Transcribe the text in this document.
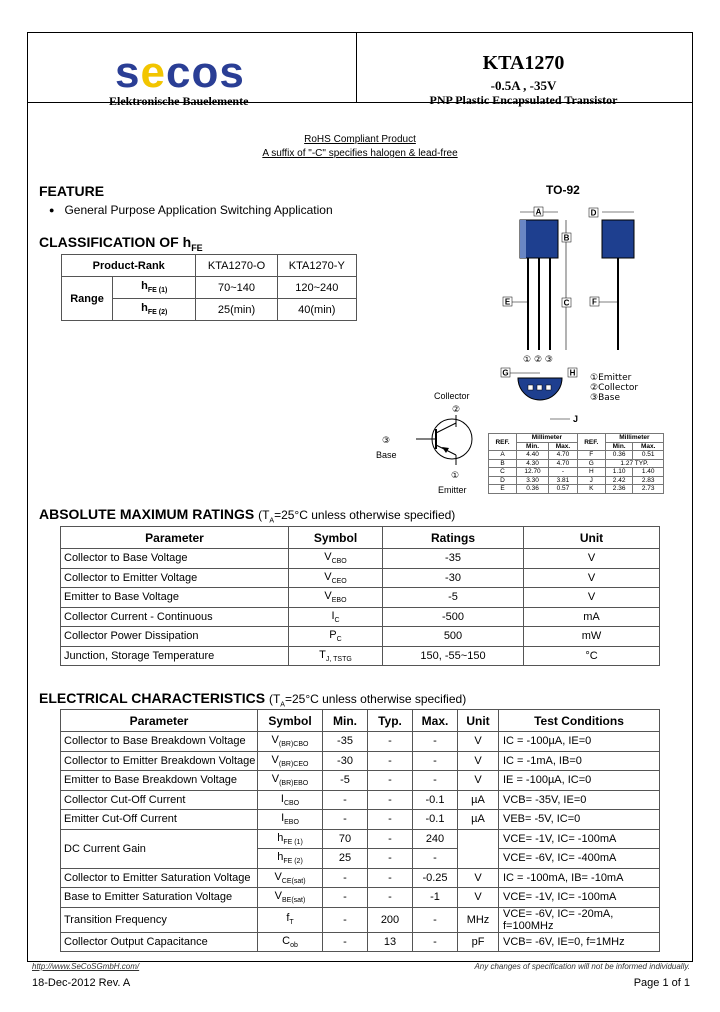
secos
Elektronische Bauelemente
KTA1270
-0.5A , -35V
PNP Plastic Encapsulated Transistor
RoHS Compliant Product
A suffix of "-C" specifies halogen & lead-free
FEATURE
● General Purpose Application Switching Application
CLASSIFICATION OF $h_{FE}$
Product-Rank		KTA1270-O	KTA1270-Y
Range	$h_{FE (1)}$	70~140	120~240
	$h_{FE (2)}$	25(min)	40(min)
TO-92
A
B
C
E
① ② ③
D
F
G	H
J
①Emitter
②Collector
③Base
Collector
②
③
Base
①
Emitter
REF.	Millimeter		REF.	Millimeter	
	Min.	Max.		Min.	Max.
A	4.40	4.70	F	0.36	0.51
B	4.30	4.70	G	1.27 TYP.	
C	12.70	-	H	1.10	1.40
D	3.30	3.81	J	2.42	2.83
E	0.36	0.57	K	2.36	2.73
ABSOLUTE MAXIMUM RATINGS ($T_A=25^\circ C$ unless otherwise specified)
Parameter	Symbol	Ratings	Unit
Collector to Base Voltage	$V_{CBO}$	-35	V
Collector to Emitter Voltage	$V_{CEO}$	-30	V
Emitter to Base Voltage	$V_{EBO}$	-5	V
Collector Current - Continuous	$I_C$	-500	mA
Collector Power Dissipation	$P_C$	500	mW
Junction, Storage Temperature	$T_{J, TSTG}$	150, -55~150	°C
ELECTRICAL CHARACTERISTICS ($T_A=25^\circ C$ unless otherwise specified)
Parameter	Symbol	Min.	Typ.	Max.	Unit	Test Conditions
Collector to Base Breakdown Voltage	$V_{(BR)CBO}$	-35	-	-	V	IC = -100µA, IE=0
Collector to Emitter Breakdown Voltage	$V_{(BR)CEO}$	-30	-	-	V	IC = -1mA, IB=0
Emitter to Base Breakdown Voltage	$V_{(BR)EBO}$	-5	-	-	V	IE = -100µA, IC=0
Collector Cut-Off Current	$I_{CBO}$	-	-	-0.1	µA	VCB= -35V, IE=0
Emitter Cut-Off Current	$I_{EBO}$	-	-	-0.1	µA	VEB= -5V, IC=0
DC Current Gain	$h_{FE (1)}$	70	-	240		VCE= -1V, IC= -100mA
	$h_{FE (2)}$	25	-	-		VCE= -6V, IC= -400mA
Collector to Emitter Saturation Voltage	$V_{CE(sat)}$	-	-	-0.25	V	IC = -100mA, IB= -10mA
Base to Emitter Saturation Voltage	$V_{BE(sat)}$	-	-	-1	V	VCE= -1V, IC= -100mA
Transition Frequency	$f_T$	-	200	-	MHz	VCE= -6V, IC= -20mA, f=100MHz
Collector Output Capacitance	$C_{ob}$	-	13	-	pF	VCB= -6V, IE=0, f=1MHz
http://www.SeCoSGmbH.com/	Any changes of specification will not be informed individually.
18-Dec-2012 Rev. A	Page 1 of 1
